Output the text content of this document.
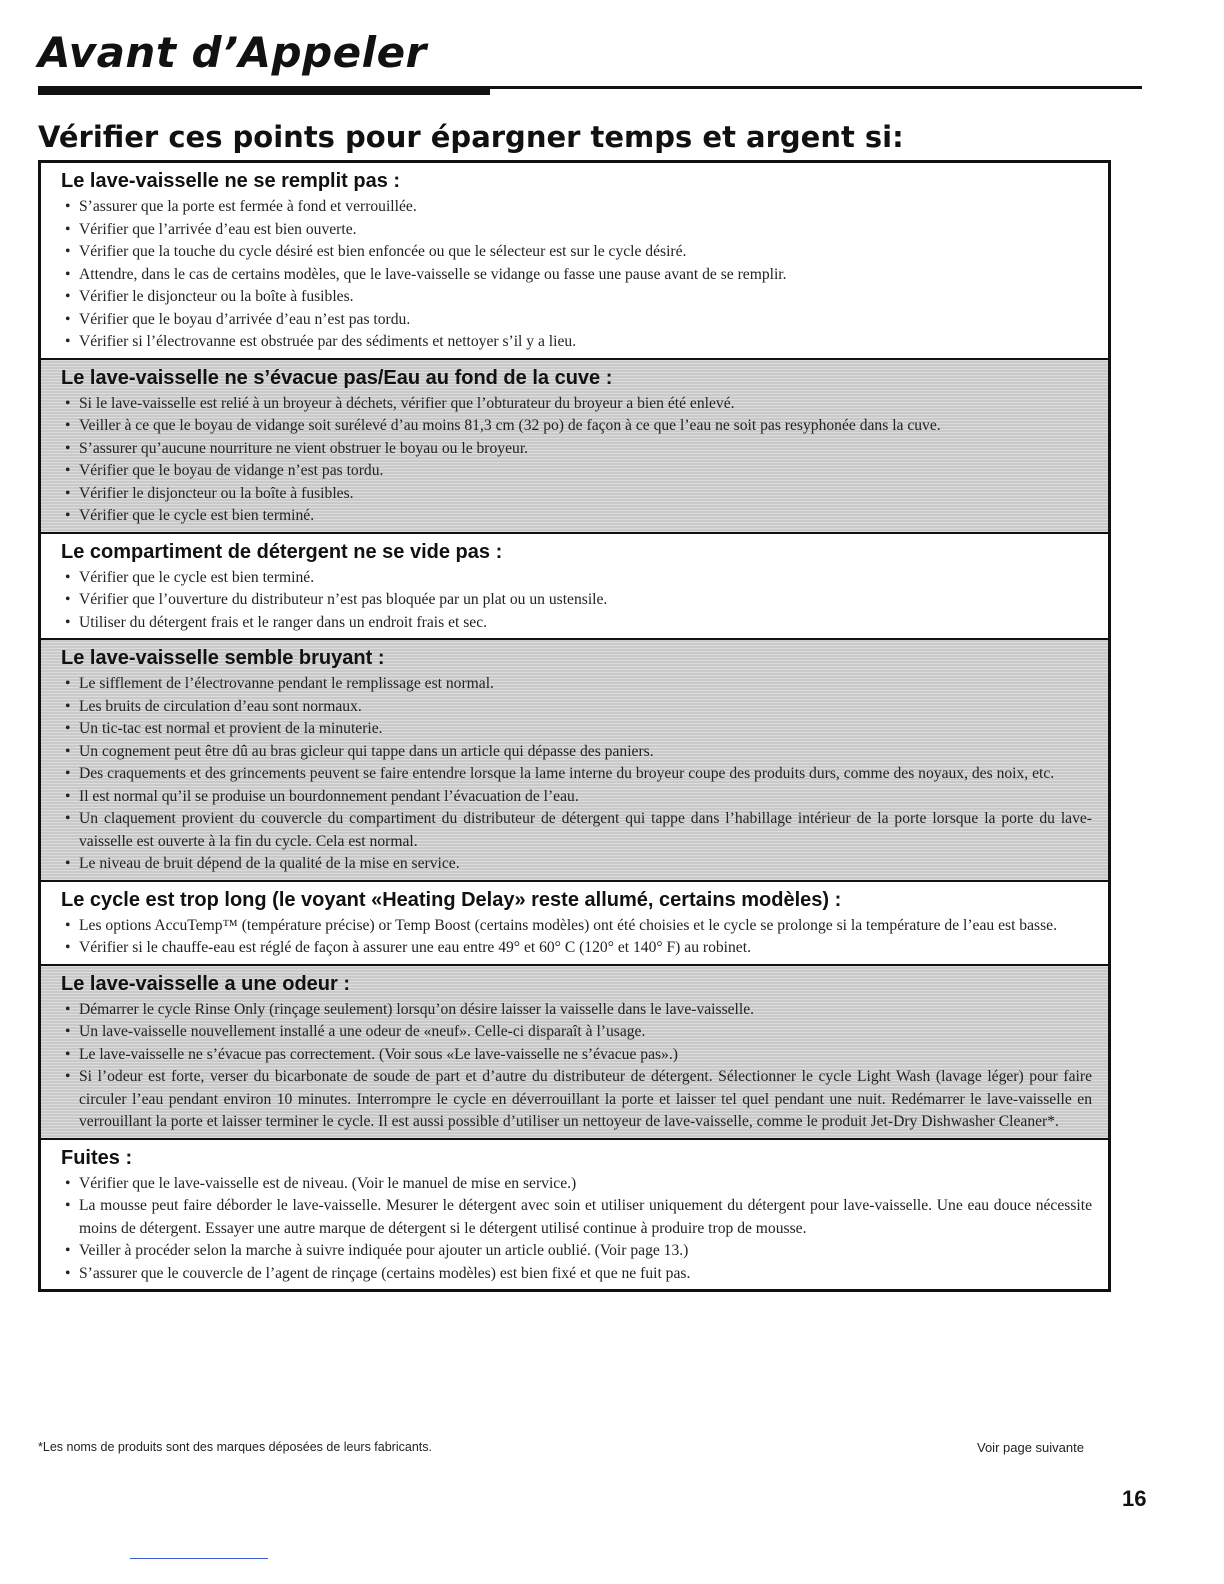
Avant d’Appeler
Vérifier ces points pour épargner temps et argent si:
Le lave-vaisselle ne se remplit pas :
• S’assurer que la porte est fermée à fond et verrouillée.
• Vérifier que l’arrivée d’eau est bien ouverte.
• Vérifier que la touche du cycle désiré est bien enfoncée ou que le sélecteur est sur le cycle désiré.
• Attendre, dans le cas de certains modèles, que le lave-vaisselle se vidange ou fasse une pause avant de se remplir.
• Vérifier le disjoncteur ou la boîte à fusibles.
• Vérifier que le boyau d’arrivée d’eau n’est pas tordu.
• Vérifier si l’électrovanne est obstruée par des sédiments et nettoyer s’il y a lieu.
Le lave-vaisselle ne s’évacue pas/Eau au fond de la cuve :
• Si le lave-vaisselle est relié à un broyeur à déchets, vérifier que l’obturateur du broyeur a bien été enlevé.
• Veiller à ce que le boyau de vidange soit surélevé d’au moins 81,3 cm (32 po) de façon à ce que l’eau ne soit pas resyphonée dans la cuve.
• S’assurer qu’aucune nourriture ne vient obstruer le boyau ou le broyeur.
• Vérifier que le boyau de vidange n’est pas tordu.
• Vérifier le disjoncteur ou la boîte à fusibles.
• Vérifier que le cycle est bien terminé.
Le compartiment de détergent ne se vide pas :
• Vérifier que le cycle est bien terminé.
• Vérifier que l’ouverture du distributeur n’est pas bloquée par un plat ou un ustensile.
• Utiliser du détergent frais et le ranger dans un endroit frais et sec.
Le lave-vaisselle semble bruyant :
• Le sifflement de l’électrovanne pendant le remplissage est normal.
• Les bruits de circulation d’eau sont normaux.
• Un tic-tac est normal et provient de la minuterie.
• Un cognement peut être dû au bras gicleur qui tappe dans un article qui dépasse des paniers.
• Des craquements et des grincements peuvent se faire entendre lorsque la lame interne du broyeur coupe des produits durs, comme des noyaux, des noix, etc.
• Il est normal qu’il se produise un bourdonnement pendant l’évacuation de l’eau.
• Un claquement provient du couvercle du compartiment du distributeur de détergent qui tappe dans l’habillage intérieur de la porte lorsque la porte du lave-vaisselle est ouverte à la fin du cycle. Cela est normal.
• Le niveau de bruit dépend de la qualité de la mise en service.
Le cycle est trop long (le voyant «Heating Delay» reste allumé, certains modèles) :
• Les options AccuTemp™ (température précise) or Temp Boost (certains modèles) ont été choisies et le cycle se prolonge si la température de l’eau est basse.
• Vérifier si le chauffe-eau est réglé de façon à assurer une eau entre 49° et 60° C (120° et 140° F) au robinet.
Le lave-vaisselle a une odeur :
• Démarrer le cycle Rinse Only (rinçage seulement) lorsqu’on désire laisser la vaisselle dans le lave-vaisselle.
• Un lave-vaisselle nouvellement installé a une odeur de «neuf». Celle-ci disparaît à l’usage.
• Le lave-vaisselle ne s’évacue pas correctement. (Voir sous «Le lave-vaisselle ne s’évacue pas».)
• Si l’odeur est forte, verser du bicarbonate de soude de part et d’autre du distributeur de détergent. Sélectionner le cycle Light Wash (lavage léger) pour faire circuler l’eau pendant environ 10 minutes. Interrompre le cycle en déverrouillant la porte et laisser tel quel pendant une nuit. Redémarrer le lave-vaisselle en verrouillant la porte et laisser terminer le cycle. Il est aussi possible d’utiliser un nettoyeur de lave-vaisselle, comme le produit Jet-Dry Dishwasher Cleaner*.
Fuites :
• Vérifier que le lave-vaisselle est de niveau. (Voir le manuel de mise en service.)
• La mousse peut faire déborder le lave-vaisselle. Mesurer le détergent avec soin et utiliser uniquement du détergent pour lave-vaisselle. Une eau douce nécessite moins de détergent. Essayer une autre marque de détergent si le détergent utilisé continue à produire trop de mousse.
• Veiller à procéder selon la marche à suivre indiquée pour ajouter un article oublié. (Voir page 13.)
• S’assurer que le couvercle de l’agent de rinçage (certains modèles) est bien fixé et que ne fuit pas.
*Les noms de produits sont des marques déposées de leurs fabricants.	Voir page suivante
16
